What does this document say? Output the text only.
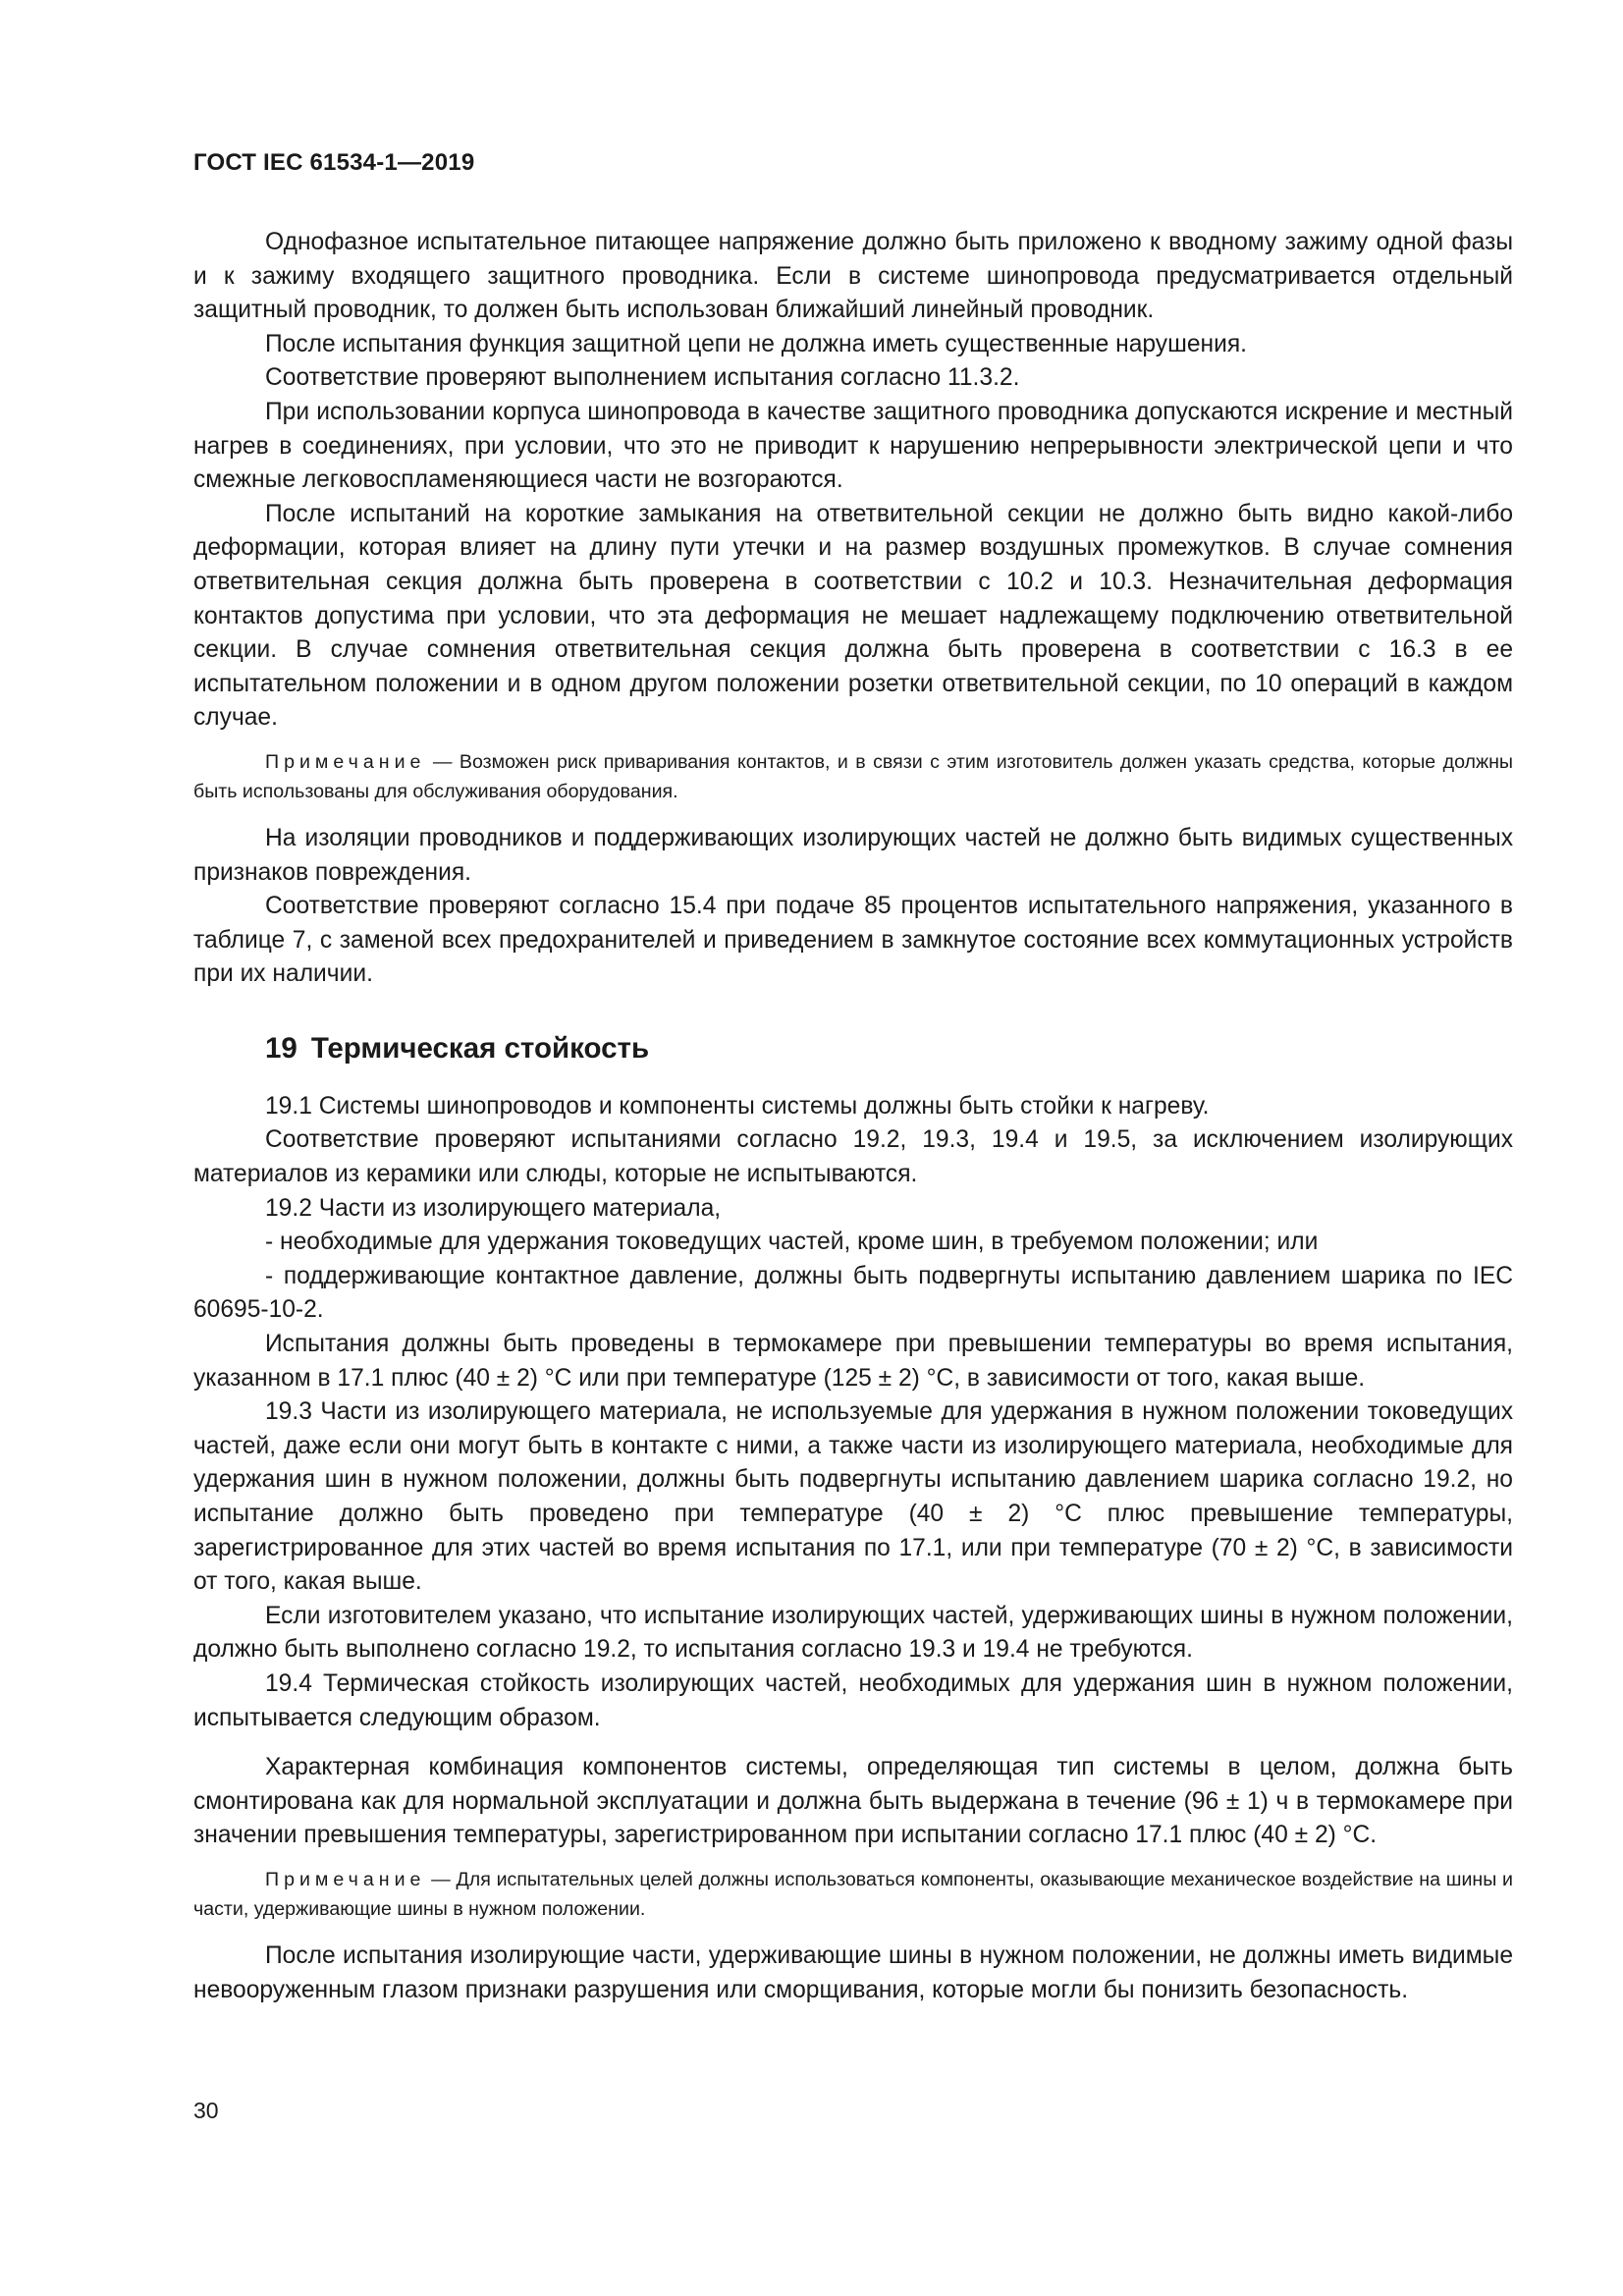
ГОСТ IEC 61534-1—2019

Однофазное испытательное питающее напряжение должно быть приложено к вводному зажиму одной фазы и к зажиму входящего защитного проводника. Если в системе шинопровода предусматривается отдельный защитный проводник, то должен быть использован ближайший линейный проводник.

После испытания функция защитной цепи не должна иметь существенные нарушения.

Соответствие проверяют выполнением испытания согласно 11.3.2.

При использовании корпуса шинопровода в качестве защитного проводника допускаются искрение и местный нагрев в соединениях, при условии, что это не приводит к нарушению непрерывности электрической цепи и что смежные легковоспламеняющиеся части не возгораются.

После испытаний на короткие замыкания на ответвительной секции не должно быть видно какой-либо деформации, которая влияет на длину пути утечки и на размер воздушных промежутков. В случае сомнения ответвительная секция должна быть проверена в соответствии с 10.2 и 10.3. Незначительная деформация контактов допустима при условии, что эта деформация не мешает надлежащему подключению ответвительной секции. В случае сомнения ответвительная секция должна быть проверена в соответствии с 16.3 в ее испытательном положении и в одном другом положении розетки ответвительной секции, по 10 операций в каждом случае.

Примечание — Возможен риск приваривания контактов, и в связи с этим изготовитель должен указать средства, которые должны быть использованы для обслуживания оборудования.

На изоляции проводников и поддерживающих изолирующих частей не должно быть видимых существенных признаков повреждения.

Соответствие проверяют согласно 15.4 при подаче 85 процентов испытательного напряжения, указанного в таблице 7, с заменой всех предохранителей и приведением в замкнутое состояние всех коммутационных устройств при их наличии.

19 Термическая стойкость

19.1 Системы шинопроводов и компоненты системы должны быть стойки к нагреву.

Соответствие проверяют испытаниями согласно 19.2, 19.3, 19.4 и 19.5, за исключением изолирующих материалов из керамики или слюды, которые не испытываются.

19.2 Части из изолирующего материала,

- необходимые для удержания токоведущих частей, кроме шин, в требуемом положении; или

- поддерживающие контактное давление, должны быть подвергнуты испытанию давлением шарика по IEC 60695-10-2.

Испытания должны быть проведены в термокамере при превышении температуры во время испытания, указанном в 17.1 плюс (40 ± 2) °C или при температуре (125 ± 2) °C, в зависимости от того, какая выше.

19.3 Части из изолирующего материала, не используемые для удержания в нужном положении токоведущих частей, даже если они могут быть в контакте с ними, а также части из изолирующего материала, необходимые для удержания шин в нужном положении, должны быть подвергнуты испытанию давлением шарика согласно 19.2, но испытание должно быть проведено при температуре (40 ± 2) °C плюс превышение температуры, зарегистрированное для этих частей во время испытания по 17.1, или при температуре (70 ± 2) °C, в зависимости от того, какая выше.

Если изготовителем указано, что испытание изолирующих частей, удерживающих шины в нужном положении, должно быть выполнено согласно 19.2, то испытания согласно 19.3 и 19.4 не требуются.

19.4 Термическая стойкость изолирующих частей, необходимых для удержания шин в нужном положении, испытывается следующим образом.

Характерная комбинация компонентов системы, определяющая тип системы в целом, должна быть смонтирована как для нормальной эксплуатации и должна быть выдержана в течение (96 ± 1) ч в термокамере при значении превышения температуры, зарегистрированном при испытании согласно 17.1 плюс (40 ± 2) °C.

Примечание — Для испытательных целей должны использоваться компоненты, оказывающие механическое воздействие на шины и части, удерживающие шины в нужном положении.

После испытания изолирующие части, удерживающие шины в нужном положении, не должны иметь видимые невооруженным глазом признаки разрушения или сморщивания, которые могли бы понизить безопасность.

30
